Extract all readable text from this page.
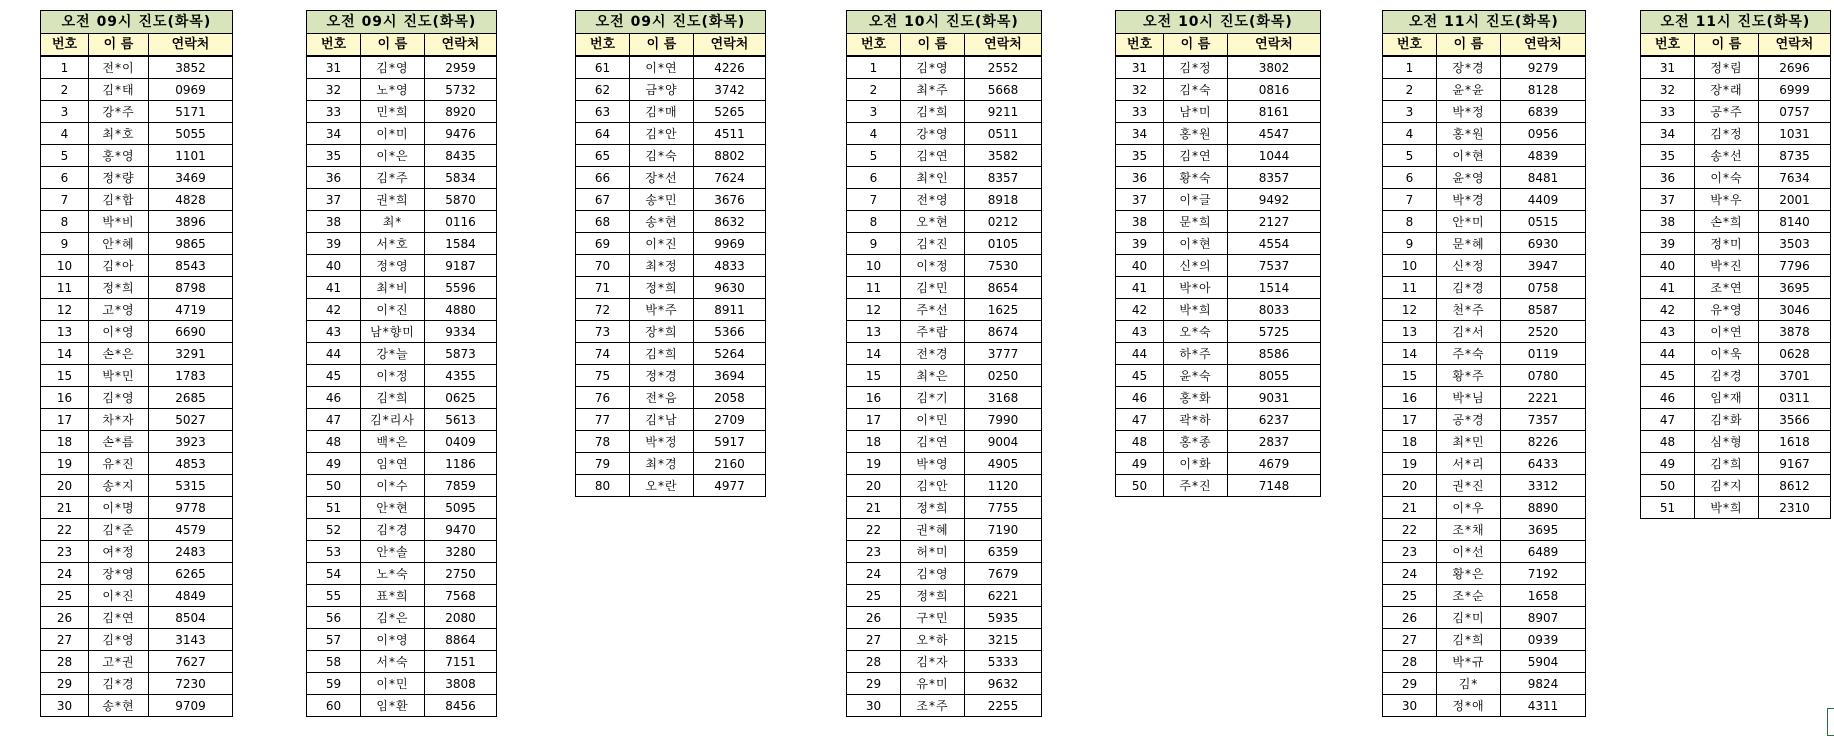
오전 09시 진도(화목)		
번호	이 름	연락처
1	전*이	3852
2	김*태	0969
3	강*주	5171
4	최*호	5055
5	홍*영	1101
6	정*량	3469
7	김*합	4828
8	박*비	3896
9	안*혜	9865
10	김*아	8543
11	정*희	8798
12	고*영	4719
13	이*영	6690
14	손*은	3291
15	박*민	1783
16	김*영	2685
17	차*자	5027
18	손*름	3923
19	유*진	4853
20	송*지	5315
21	이*명	9778
22	김*준	4579
23	여*정	2483
24	장*영	6265
25	이*진	4849
26	김*연	8504
27	김*영	3143
28	고*권	7627
29	김*경	7230
30	송*현	9709
오전 09시 진도(화목)		
번호	이 름	연락처
31	김*영	2959
32	노*영	5732
33	민*희	8920
34	이*미	9476
35	이*은	8435
36	김*주	5834
37	권*희	5870
38	최*	0116
39	서*호	1584
40	정*영	9187
41	최*비	5596
42	이*진	4880
43	남*향미	9334
44	강*늘	5873
45	이*정	4355
46	김*희	0625
47	김*리사	5613
48	백*은	0409
49	임*연	1186
50	이*수	7859
51	안*현	5095
52	김*경	9470
53	안*솔	3280
54	노*숙	2750
55	표*희	7568
56	김*은	2080
57	이*영	8864
58	서*숙	7151
59	이*민	3808
60	임*환	8456
오전 09시 진도(화목)		
번호	이 름	연락처
61	이*연	4226
62	금*양	3742
63	김*매	5265
64	김*안	4511
65	김*숙	8802
66	장*선	7624
67	송*민	3676
68	송*현	8632
69	이*진	9969
70	최*정	4833
71	정*희	9630
72	박*주	8911
73	장*희	5366
74	김*희	5264
75	정*경	3694
76	전*음	2058
77	김*남	2709
78	박*정	5917
79	최*경	2160
80	오*란	4977
오전 10시 진도(화목)		
번호	이 름	연락처
1	김*영	2552
2	최*주	5668
3	김*희	9211
4	강*영	0511
5	김*연	3582
6	최*인	8357
7	전*영	8918
8	오*현	0212
9	김*진	0105
10	이*정	7530
11	김*민	8654
12	주*선	1625
13	주*람	8674
14	전*경	3777
15	최*은	0250
16	김*기	3168
17	이*민	7990
18	김*연	9004
19	박*영	4905
20	김*안	1120
21	정*희	7755
22	권*혜	7190
23	허*미	6359
24	김*영	7679
25	정*희	6221
26	구*민	5935
27	오*하	3215
28	김*자	5333
29	유*미	9632
30	조*주	2255
오전 10시 진도(화목)		
번호	이 름	연락처
31	김*정	3802
32	김*숙	0816
33	남*미	8161
34	홍*원	4547
35	김*연	1044
36	황*숙	8357
37	이*글	9492
38	문*희	2127
39	이*현	4554
40	신*의	7537
41	박*아	1514
42	박*희	8033
43	오*숙	5725
44	하*주	8586
45	윤*숙	8055
46	홍*화	9031
47	곽*하	6237
48	홍*종	2837
49	이*화	4679
50	주*진	7148
오전 11시 진도(화목)		
번호	이 름	연락처
1	장*경	9279
2	윤*윤	8128
3	박*정	6839
4	홍*원	0956
5	이*현	4839
6	윤*영	8481
7	박*경	4409
8	안*미	0515
9	문*혜	6930
10	신*정	3947
11	김*경	0758
12	천*주	8587
13	김*서	2520
14	주*숙	0119
15	황*주	0780
16	박*님	2221
17	공*경	7357
18	최*민	8226
19	서*리	6433
20	권*진	3312
21	이*우	8890
22	조*채	3695
23	이*선	6489
24	황*은	7192
25	조*순	1658
26	김*미	8907
27	김*희	0939
28	박*규	5904
29	김*	9824
30	정*애	4311
오전 11시 진도(화목)		
번호	이 름	연락처
31	정*림	2696
32	장*래	6999
33	공*주	0757
34	김*정	1031
35	송*선	8735
36	이*숙	7634
37	박*우	2001
38	손*희	8140
39	정*미	3503
40	박*진	7796
41	조*연	3695
42	유*영	3046
43	이*연	3878
44	이*욱	0628
45	김*경	3701
46	임*재	0311
47	김*화	3566
48	심*형	1618
49	김*희	9167
50	김*지	8612
51	박*희	2310
